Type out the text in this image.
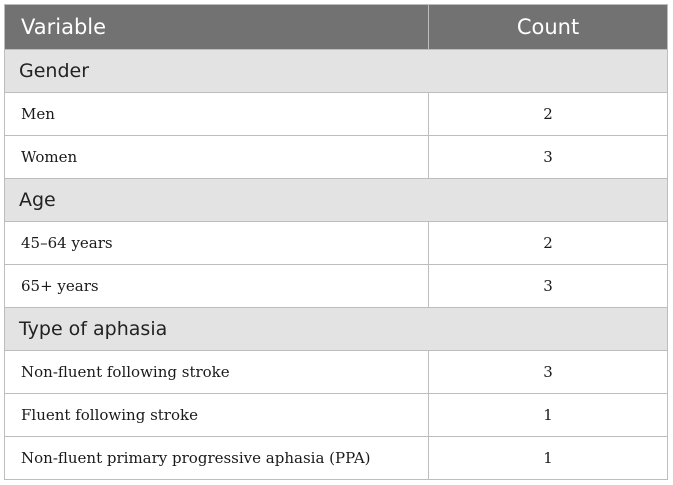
Variable	Count
Gender	
Men	2
Women	3
Age	
45–64 years	2
65+ years	3
Type of aphasia	
Non-fluent following stroke	3
Fluent following stroke	1
Non-fluent primary progressive aphasia (PPA)	1
